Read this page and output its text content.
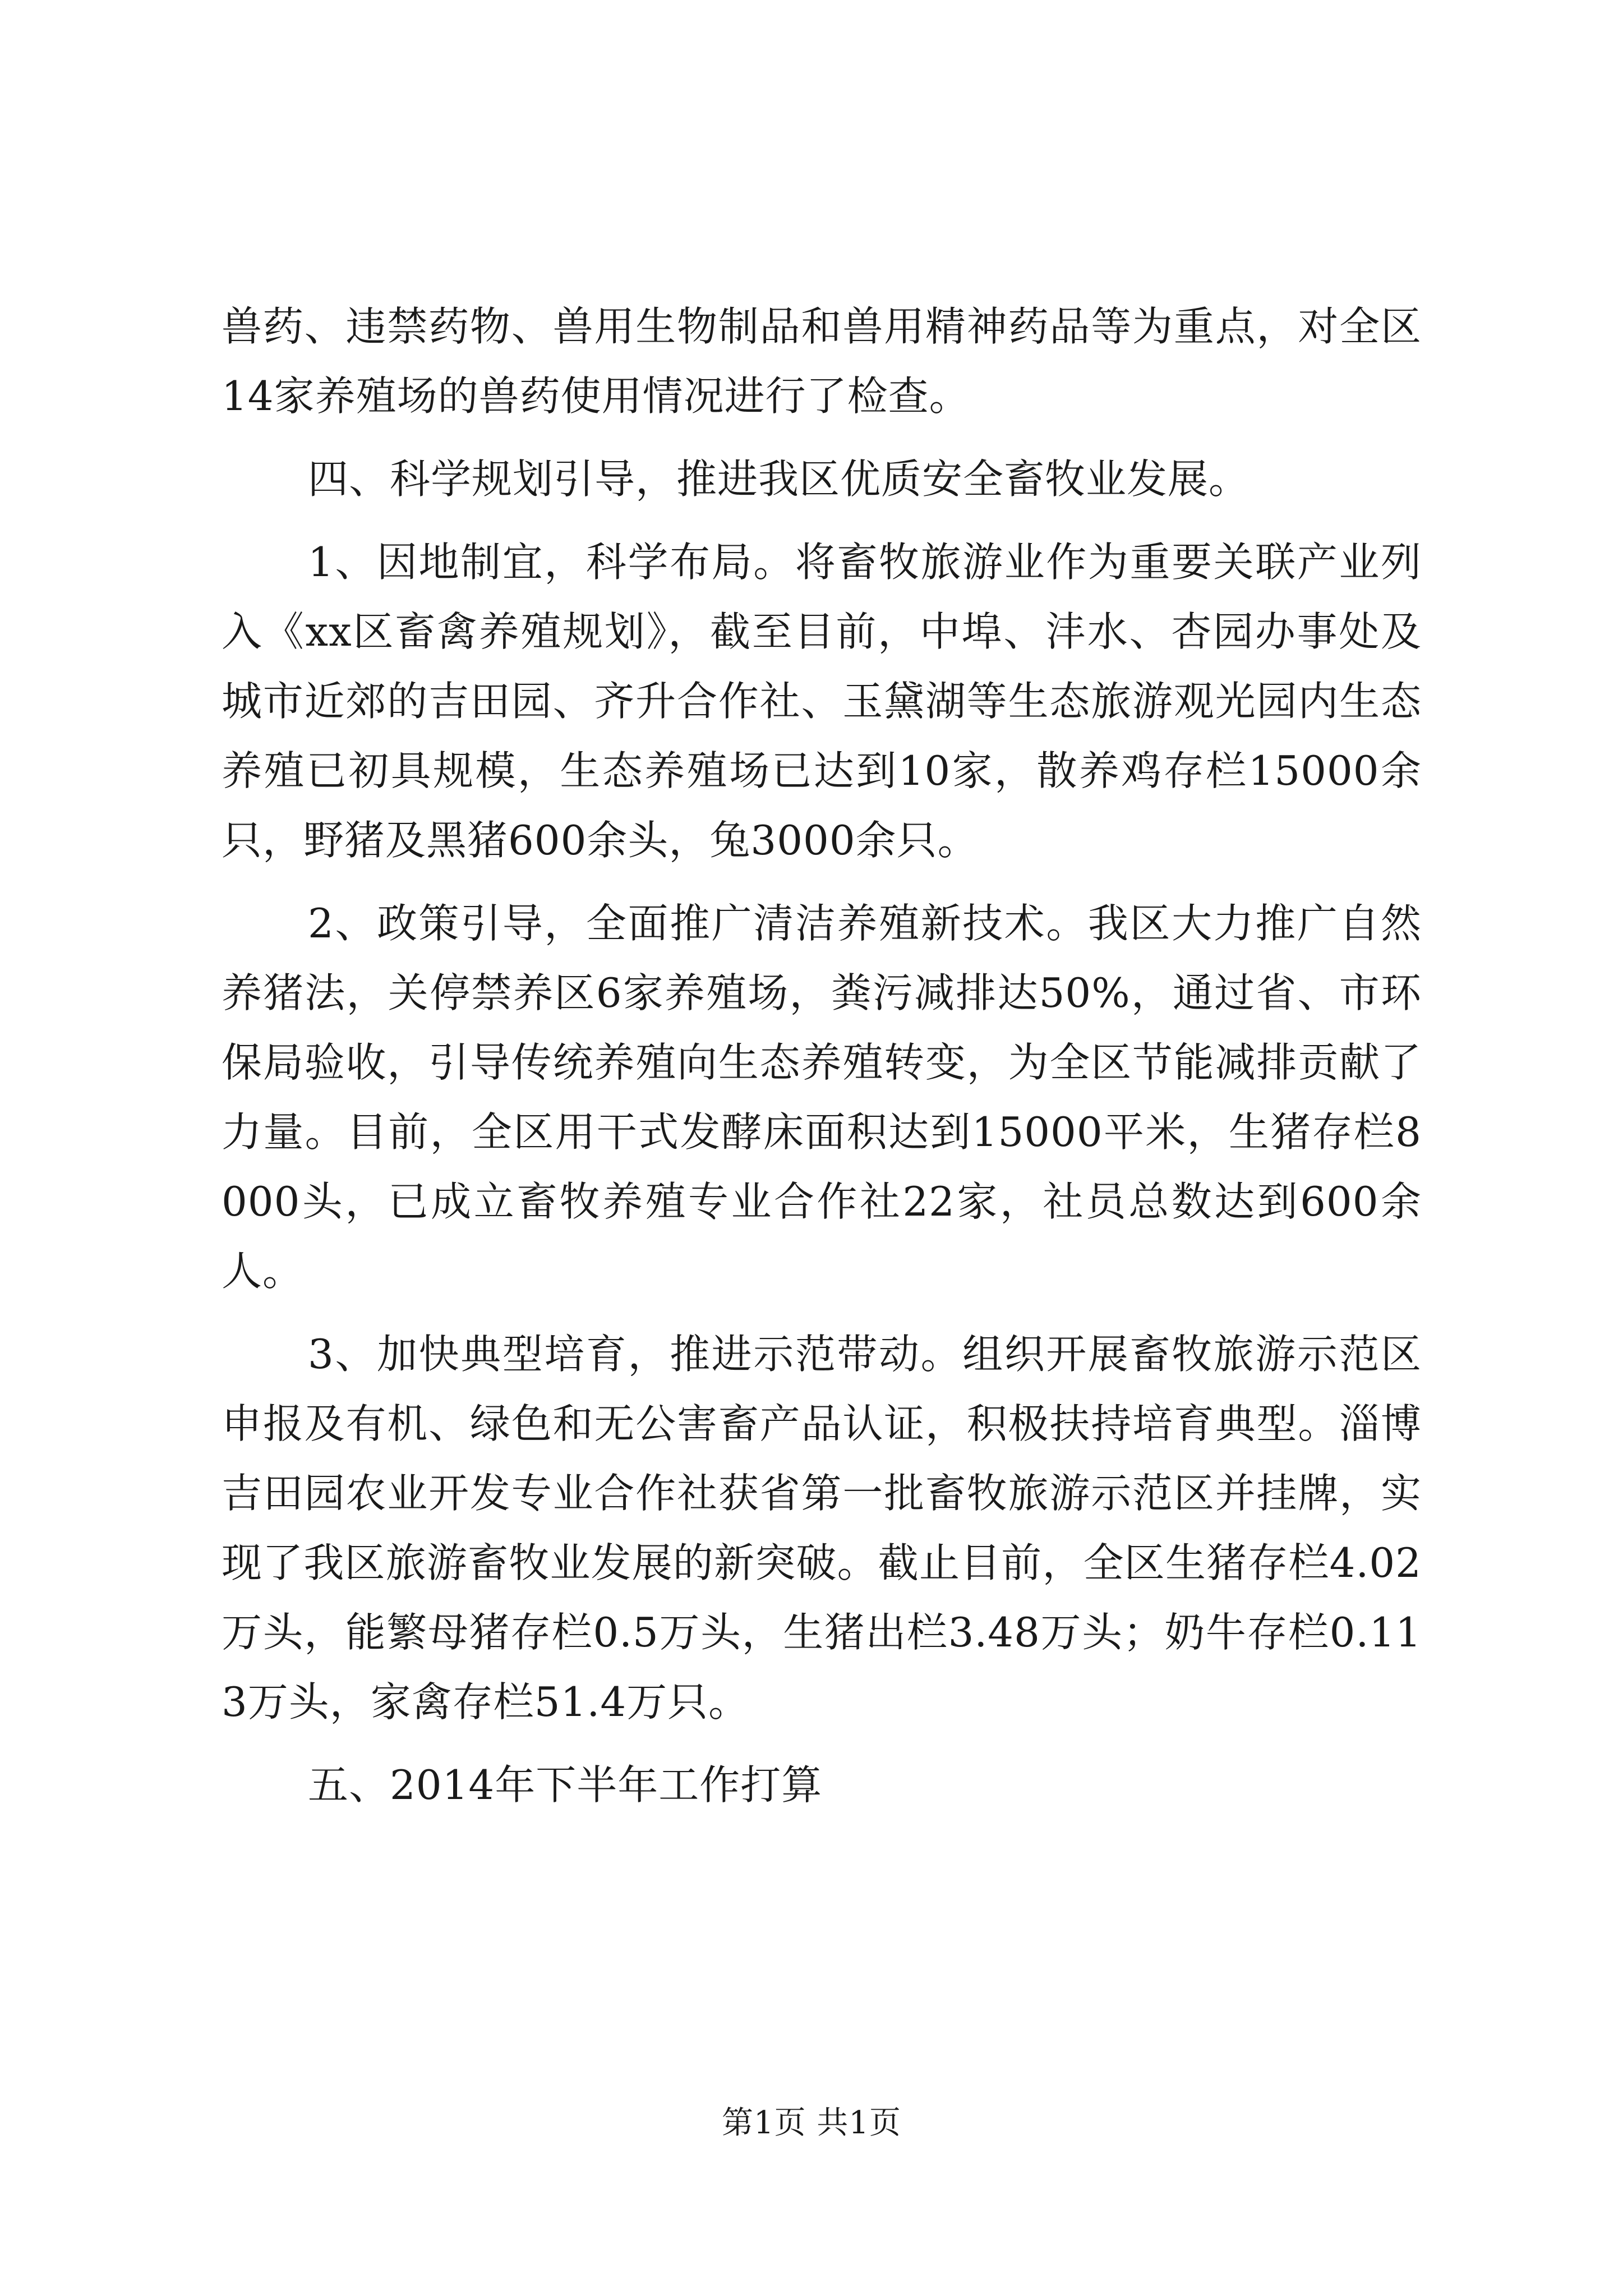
兽药、违禁药物、兽用生物制品和兽用精神药品等为重点，对全区14家养殖场的兽药使用情况进行了检查。

四、科学规划引导，推进我区优质安全畜牧业发展。

1、因地制宜，科学布局。将畜牧旅游业作为重要关联产业列入《xx区畜禽养殖规划》，截至目前，中埠、沣水、杏园办事处及城市近郊的吉田园、齐升合作社、玉黛湖等生态旅游观光园内生态养殖已初具规模，生态养殖场已达到10家，散养鸡存栏15000余只，野猪及黑猪600余头，兔3000余只。

2、政策引导，全面推广清洁养殖新技术。我区大力推广自然养猪法，关停禁养区6家养殖场，粪污减排达50%，通过省、市环保局验收，引导传统养殖向生态养殖转变，为全区节能减排贡献了力量。目前，全区用干式发酵床面积达到15000平米，生猪存栏8000头，已成立畜牧养殖专业合作社22家，社员总数达到600余人。

3、加快典型培育，推进示范带动。组织开展畜牧旅游示范区申报及有机、绿色和无公害畜产品认证，积极扶持培育典型。淄博吉田园农业开发专业合作社获省第一批畜牧旅游示范区并挂牌，实现了我区旅游畜牧业发展的新突破。截止目前，全区生猪存栏4.02万头，能繁母猪存栏0.5万头，生猪出栏3.48万头；奶牛存栏0.113万头，家禽存栏51.4万只。

五、2014年下半年工作打算

第1页 共1页
